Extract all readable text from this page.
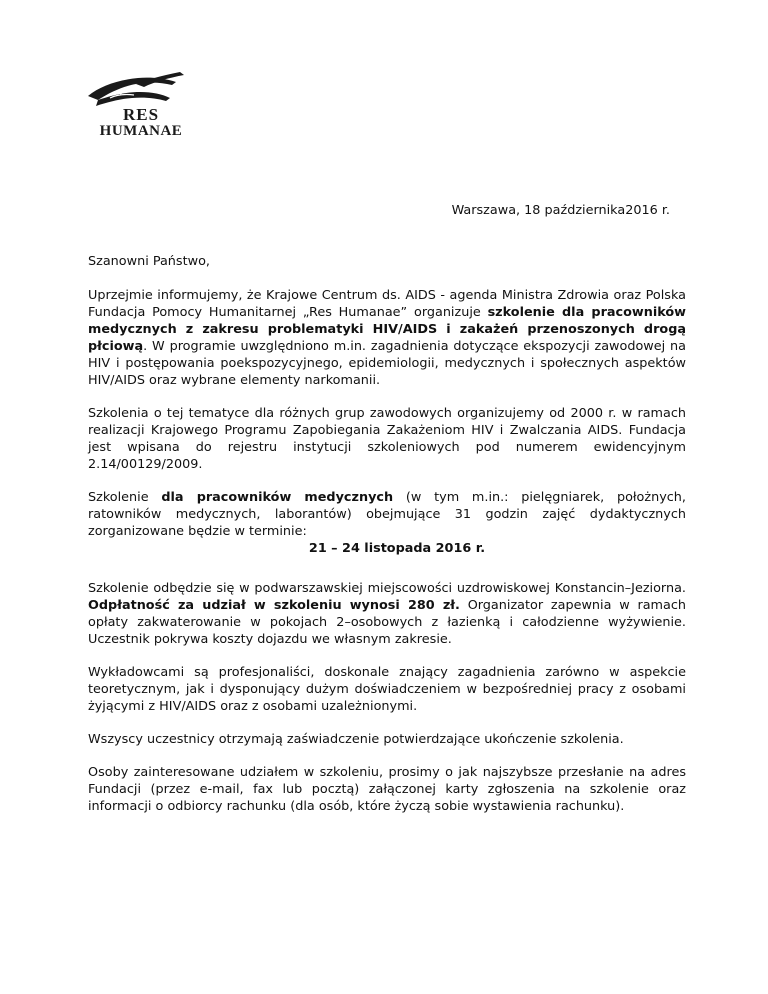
RES
HUMANAE
Warszawa, 18 października2016 r.

Szanowni Państwo,

Uprzejmie informujemy, że Krajowe Centrum ds. AIDS - agenda Ministra Zdrowia oraz Polska Fundacja Pomocy Humanitarnej „Res Humanae” organizuje szkolenie dla pracowników medycznych z zakresu problematyki HIV/AIDS i zakażeń przenoszonych drogą płciową. W programie uwzględniono m.in. zagadnienia dotyczące ekspozycji zawodowej na HIV i postępowania poekspozycyjnego, epidemiologii, medycznych i społecznych aspektów HIV/AIDS oraz wybrane elementy narkomanii.

Szkolenia o tej tematyce dla różnych grup zawodowych organizujemy od 2000 r. w ramach realizacji Krajowego Programu Zapobiegania Zakażeniom HIV i Zwalczania AIDS. Fundacja jest wpisana do rejestru instytucji szkoleniowych pod numerem ewidencyjnym 2.14/00129/2009.

Szkolenie dla pracowników medycznych (w tym m.in.: pielęgniarek, położnych, ratowników medycznych, laborantów) obejmujące 31 godzin zajęć dydaktycznych zorganizowane będzie w terminie:
21 – 24 listopada 2016 r.

Szkolenie odbędzie się w podwarszawskiej miejscowości uzdrowiskowej Konstancin–Jeziorna. Odpłatność za udział w szkoleniu wynosi 280 zł. Organizator zapewnia w ramach opłaty zakwaterowanie w pokojach 2–osobowych z łazienką i całodzienne wyżywienie. Uczestnik pokrywa koszty dojazdu we własnym zakresie.

Wykładowcami są profesjonaliści, doskonale znający zagadnienia zarówno w aspekcie teoretycznym, jak i dysponujący dużym doświadczeniem w bezpośredniej pracy z osobami żyjącymi z HIV/AIDS oraz z osobami uzależnionymi.

Wszyscy uczestnicy otrzymają zaświadczenie potwierdzające ukończenie szkolenia.

Osoby zainteresowane udziałem w szkoleniu, prosimy o jak najszybsze przesłanie na adres Fundacji (przez e-mail, fax lub pocztą) załączonej karty zgłoszenia na szkolenie oraz informacji o odbiorcy rachunku (dla osób, które życzą sobie wystawienia rachunku).
